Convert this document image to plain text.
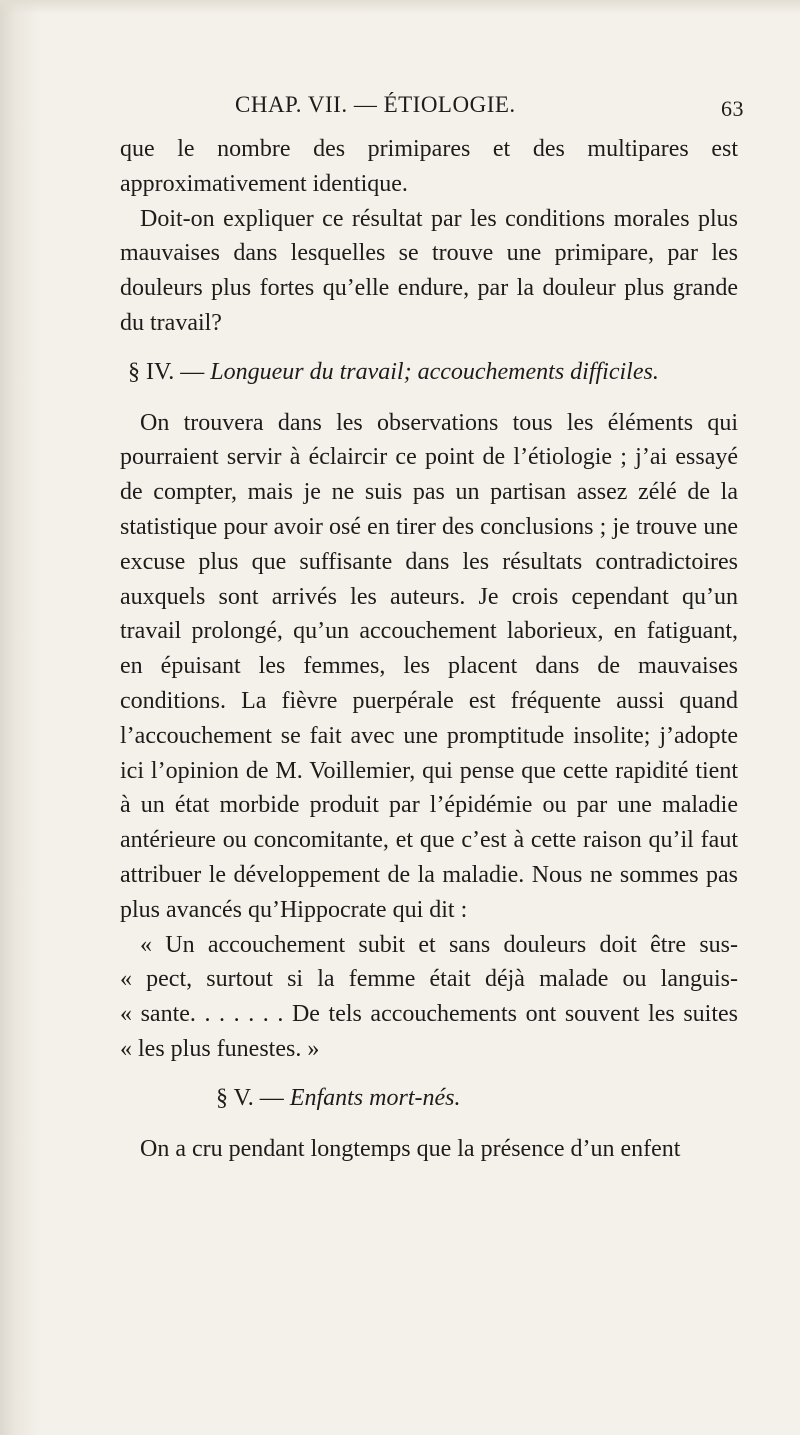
CHAP. VII. — ÉTIOLOGIE.	63

que le nombre des primipares et des multipares est approximativement identique.

Doit-on expliquer ce résultat par les conditions morales plus mauvaises dans lesquelles se trouve une primipare, par les douleurs plus fortes qu’elle endure, par la douleur plus grande du travail?

§ IV. — Longueur du travail; accouchements difficiles.

On trouvera dans les observations tous les éléments qui pourraient servir à éclaircir ce point de l’étiologie ; j’ai essayé de compter, mais je ne suis pas un partisan assez zélé de la statistique pour avoir osé en tirer des conclusions ; je trouve une excuse plus que suffisante dans les résultats contradictoires auxquels sont arrivés les auteurs. Je crois cependant qu’un travail prolongé, qu’un accouchement laborieux, en fatiguant, en épuisant les femmes, les placent dans de mauvaises conditions. La fièvre puerpérale est fréquente aussi quand l’accouchement se fait avec une promptitude insolite; j’adopte ici l’opinion de M. Voillemier, qui pense que cette rapidité tient à un état morbide produit par l’épidémie ou par une maladie antérieure ou concomitante, et que c’est à cette raison qu’il faut attribuer le développement de la maladie. Nous ne sommes pas plus avancés qu’Hippocrate qui dit :

« Un accouchement subit et sans douleurs doit être sus-
« pect, surtout si la femme était déjà malade ou languis-
« sante. . . . . . . De tels accouchements ont souvent les suites
« les plus funestes. »
§ V. — Enfants mort-nés.

On a cru pendant longtemps que la présence d’un enfent
